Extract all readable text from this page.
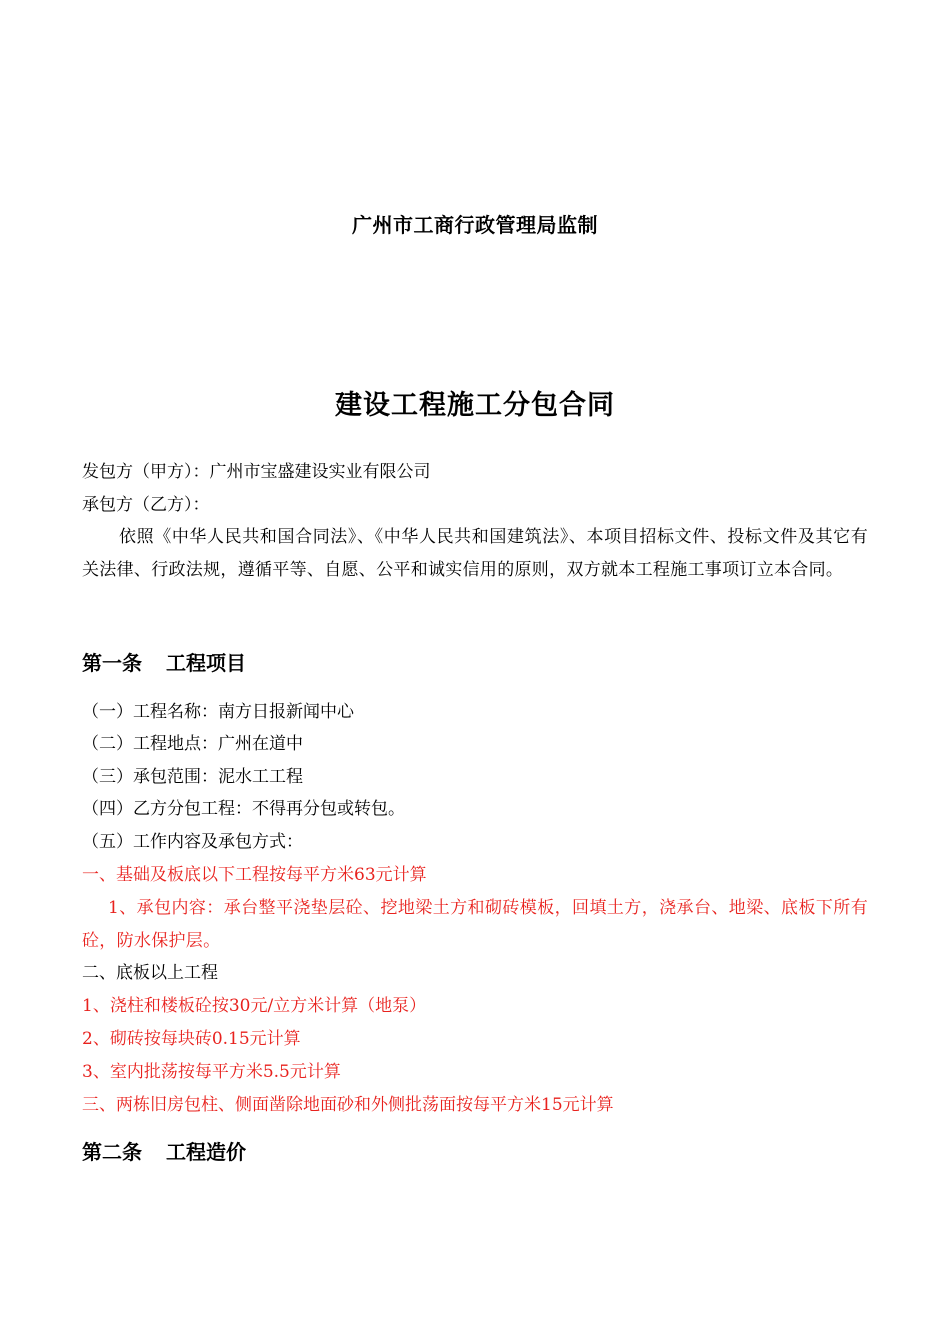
广州市工商行政管理局监制
建设工程施工分包合同
发包方（甲方）：广州市宝盛建设实业有限公司
承包方（乙方）：
依照《中华人民共和国合同法》、《中华人民共和国建筑法》、本项目招标文件、投标文件及其它有关法律、行政法规，遵循平等、自愿、公平和诚实信用的原则，双方就本工程施工事项订立本合同。
第一条 工程项目
（一）工程名称：南方日报新闻中心
（二）工程地点：广州在道中
（三）承包范围：泥水工工程
（四）乙方分包工程：不得再分包或转包。
（五）工作内容及承包方式：
一、基础及板底以下工程按每平方米63元计算
1、承包内容：承台整平浇垫层砼、挖地梁土方和砌砖模板，回填土方，浇承台、地梁、底板下所有砼，防水保护层。
二、底板以上工程
1、浇柱和楼板砼按30元/立方米计算（地泵）
2、砌砖按每块砖0.15元计算
3、室内批荡按每平方米5.5元计算
三、两栋旧房包柱、侧面凿除地面砂和外侧批荡面按每平方米15元计算
第二条 工程造价
